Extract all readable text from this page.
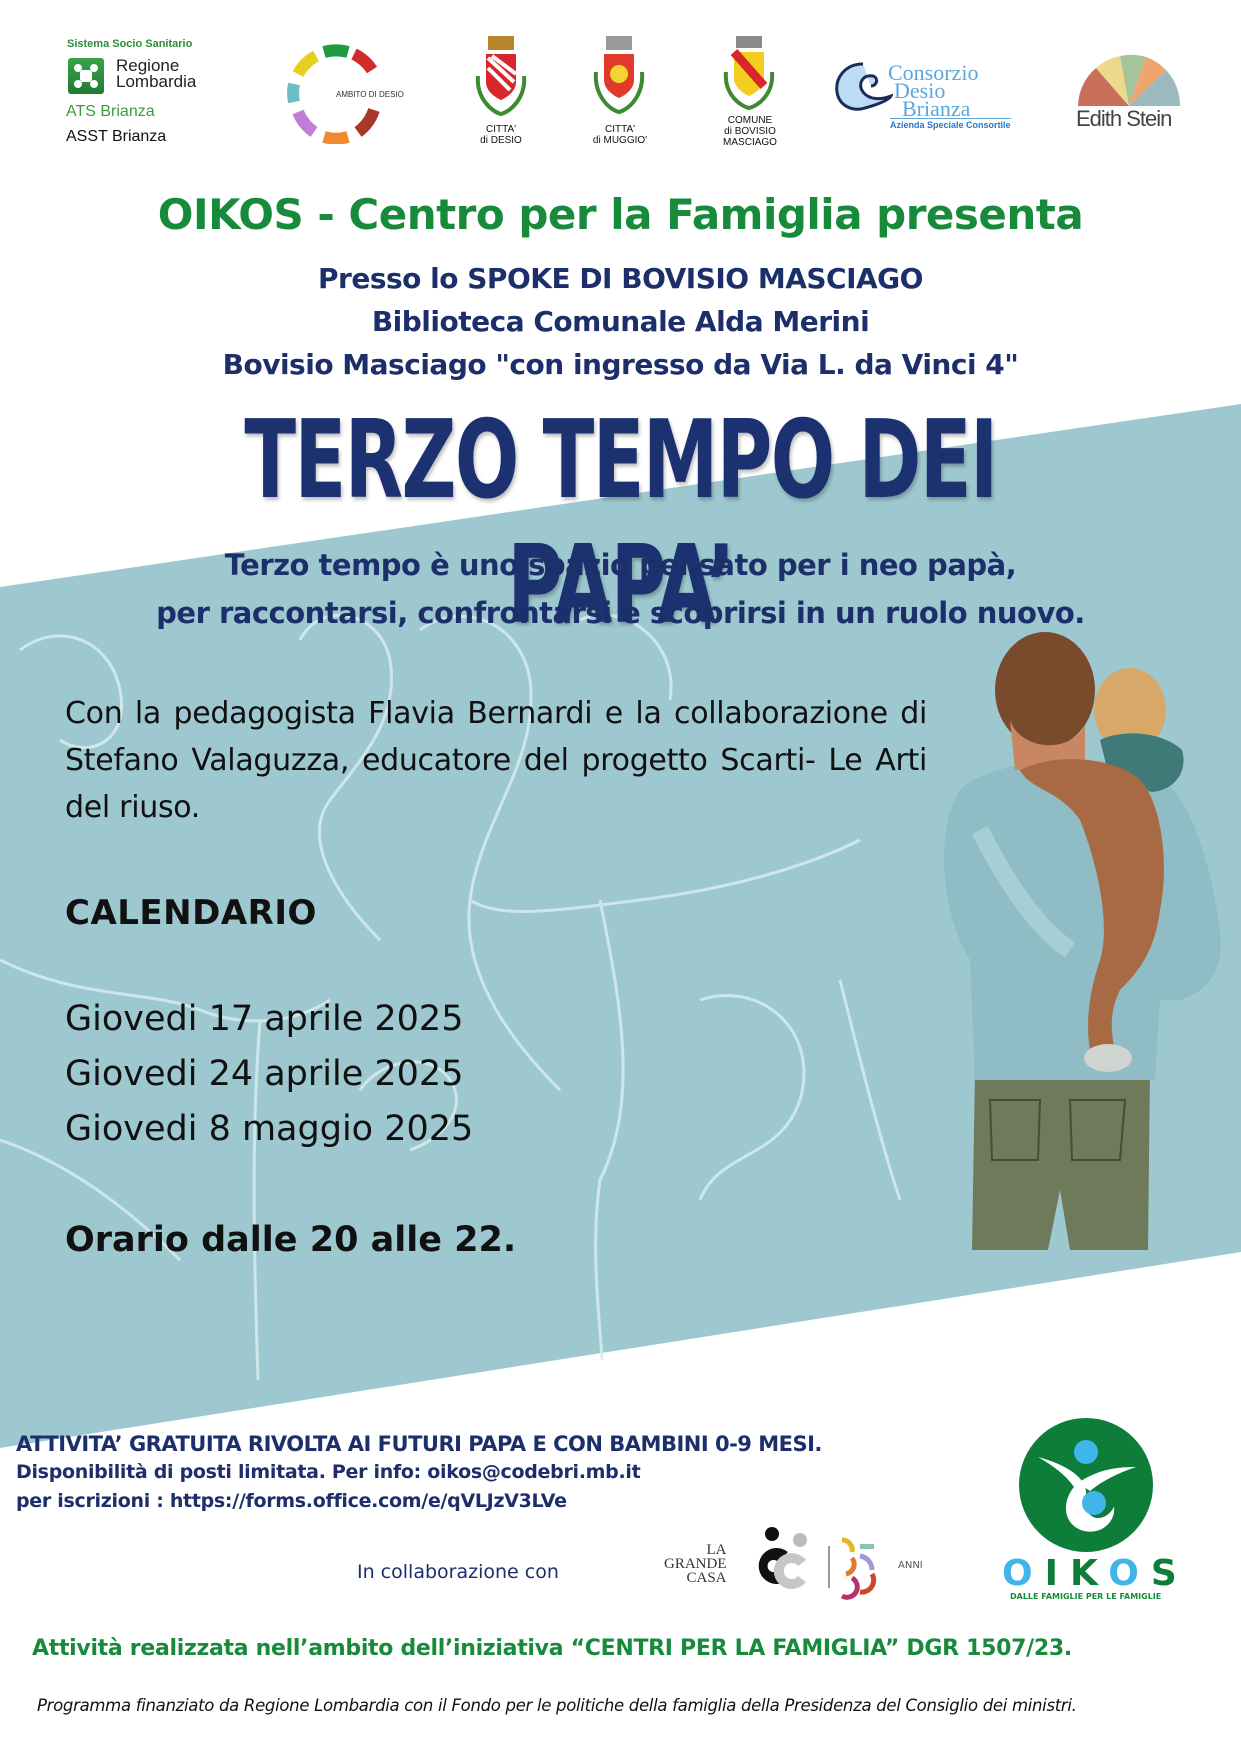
Sistema Socio Sanitario
Regione
Lombardia
ATS Brianza
ASST Brianza
AMBITO DI DESIO
CITTA'
di DESIO
CITTA'
di MUGGIO'
COMUNE
di BOVISIO
MASCIAGO
Consorzio
Desio
Brianza
Azienda Speciale Consortile	Edith Stein
OIKOS - Centro per la Famiglia presenta
Presso lo SPOKE DI BOVISIO MASCIAGO
Biblioteca Comunale Alda Merini
Bovisio Masciago "con ingresso da Via L. da Vinci 4"
TERZO TEMPO DEI PAPA’
Terzo tempo è uno spazio pensato per i neo papà,
per raccontarsi, confrontarsi e scoprirsi in un ruolo nuovo.
Con la pedagogista Flavia Bernardi e la collaborazione di Stefano Valaguzza, educatore del progetto Scarti- Le Arti del riuso.
CALENDARIO
Giovedi 17 aprile 2025
Giovedi 24 aprile 2025
Giovedi 8 maggio 2025
Orario dalle 20 alle 22.
ATTIVITA’ GRATUITA RIVOLTA AI FUTURI PAPA E CON BAMBINI 0-9 MESI.
Disponibilità di posti limitata. Per info: oikos@codebri.mb.it
per iscrizioni : https://forms.office.com/e/qVLJzV3LVe
In collaborazione con
LA
GRANDE
CASA
ANNI OIKOS
DALLE FAMIGLIE PER LE FAMIGLIE
Attività realizzata nell’ambito dell’iniziativa “CENTRI PER LA FAMIGLIA” DGR 1507/23.
Programma finanziato da Regione Lombardia con il Fondo per le politiche della famiglia della Presidenza del Consiglio dei ministri.
